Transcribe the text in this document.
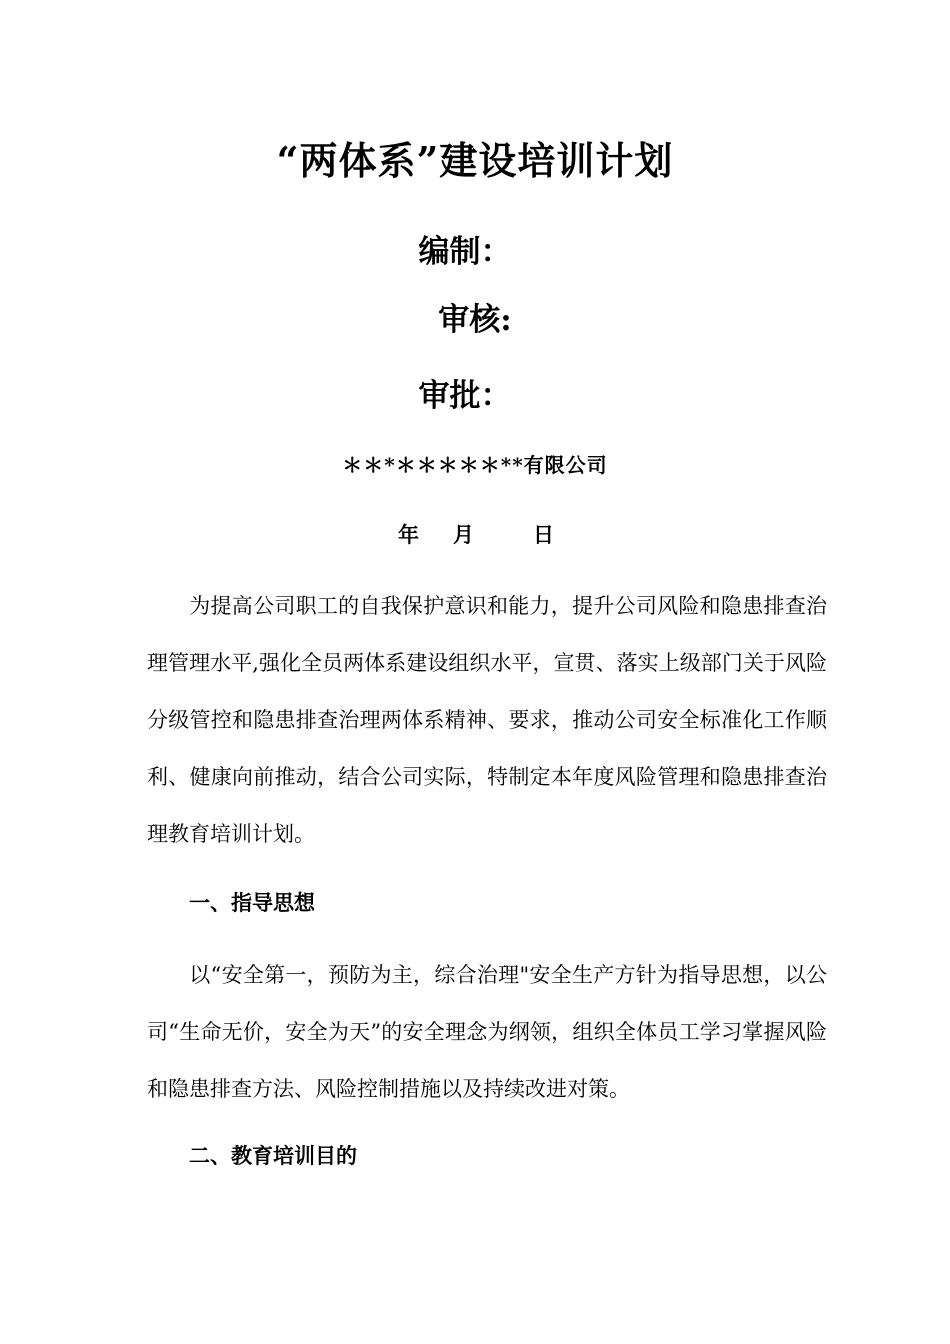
“两体系”建设培训计划
编制：
审核:
审批：
＊＊*＊＊＊＊＊**有限公司
年 月	日
为提高公司职工的自我保护意识和能力，提升公司风险和隐患排查治理管理水平,强化全员两体系建设组织水平，宣贯、落实上级部门关于风险分级管控和隐患排查治理两体系精神、要求，推动公司安全标准化工作顺利、健康向前推动，结合公司实际，特制定本年度风险管理和隐患排查治理教育培训计划。
一、指导思想
以“安全第一，预防为主，综合治理"安全生产方针为指导思想，以公司“生命无价，安全为天”的安全理念为纲领，组织全体员工学习掌握风险和隐患排查方法、风险控制措施以及持续改进对策。
二、教育培训目的
